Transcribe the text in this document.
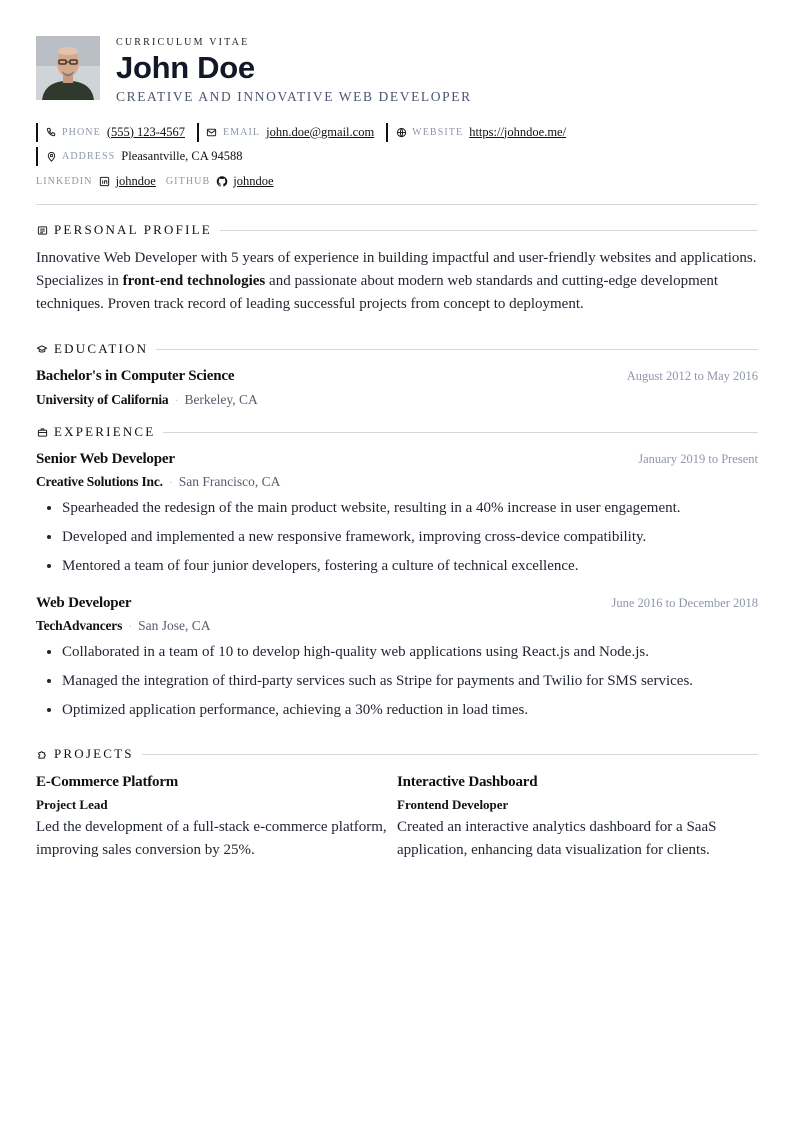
CURRICULUM VITAE
John Doe
CREATIVE AND INNOVATIVE WEB DEVELOPER
PHONE (555) 123-4567	EMAIL john.doe@gmail.com	WEBSITE https://johndoe.me/
ADDRESS Pleasantville, CA 94588
LINKEDIN johndoe GITHUB johndoe
PERSONAL PROFILE
Innovative Web Developer with 5 years of experience in building impactful and user-friendly websites and applications. Specializes in front-end technologies and passionate about modern web standards and cutting-edge development techniques. Proven track record of leading successful projects from concept to deployment.
EDUCATION
Bachelor's in Computer Science	August 2012 to May 2016
University of California · Berkeley, CA
EXPERIENCE
Senior Web Developer	January 2019 to Present
Creative Solutions Inc. · San Francisco, CA
• Spearheaded the redesign of the main product website, resulting in a 40% increase in user engagement.
• Developed and implemented a new responsive framework, improving cross-device compatibility.
• Mentored a team of four junior developers, fostering a culture of technical excellence.
Web Developer	June 2016 to December 2018
TechAdvancers · San Jose, CA
• Collaborated in a team of 10 to develop high-quality web applications using React.js and Node.js.
• Managed the integration of third-party services such as Stripe for payments and Twilio for SMS services.
• Optimized application performance, achieving a 30% reduction in load times.
PROJECTS
E-Commerce Platform
Project Lead
Led the development of a full-stack e-commerce platform, improving sales conversion by 25%.
Interactive Dashboard
Frontend Developer
Created an interactive analytics dashboard for a SaaS application, enhancing data visualization for clients.
